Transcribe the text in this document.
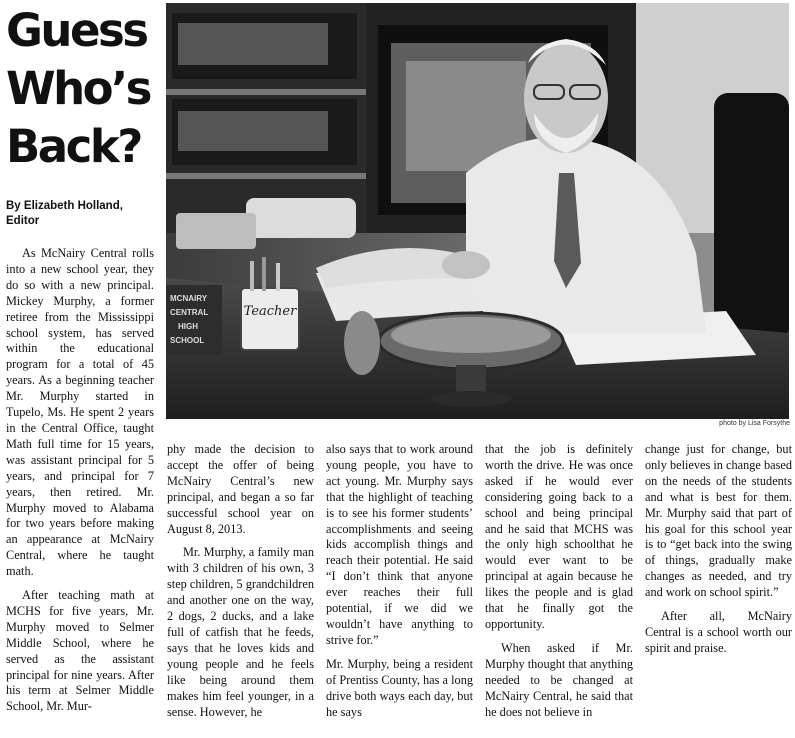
Guess
Who’s
Back?
By Elizabeth Holland,
Editor
Teacher
MCNAIRY
CENTRAL
HIGH
SCHOOL
photo by Lisa Forsythe

As McNairy Central rolls into a new school year, they do so with a new principal. Mickey Murphy, a former retiree from the Mississippi school system, has served within the educational program for a total of 45 years. As a beginning teacher Mr. Murphy started in Tupelo, Ms. He spent 2 years in the Central Office, taught Math full time for 15 years, was assistant principal for 5 years, and principal for 7 years, then retired. Mr. Murphy moved to Alabama for two years before making an appearance at McNairy Central, where he taught math.

After teaching math at MCHS for five years, Mr. Murphy moved to Selmer Middle School, where he served as the assistant principal for nine years. After his term at Selmer Middle School, Mr. Mur-

phy made the decision to accept the offer of being McNairy Central’s new principal, and began a so far successful school year on August 8, 2013.

Mr. Murphy, a family man with 3 children of his own, 3 step children, 5 grandchildren and another one on the way, 2 dogs, 2 ducks, and a lake full of catfish that he feeds, says that he loves kids and young people and he feels like being around them makes him feel younger, in a sense. However, he

also says that to work around young people, you have to act young. Mr. Murphy says that the highlight of teaching is to see his former students’ accomplishments and seeing kids accomplish things and reach their potential. He said “I don’t think that anyone ever reaches their full potential, if we did we wouldn’t have anything to strive for.”

Mr. Murphy, being a resident of Prentiss County, has a long drive both ways each day, but he says

that the job is definitely worth the drive. He was once asked if he would ever considering going back to a school and being principal and he said that MCHS was the only high schoolthat he would ever want to be principal at again because he likes the people and is glad that he finally got the opportunity.

When asked if Mr. Murphy thought that anything needed to be changed at McNairy Central, he said that he does not believe in

change just for change, but only believes in change based on the needs of the students and what is best for them. Mr. Murphy said that part of his goal for this school year is to “get back into the swing of things, gradually make changes as needed, and try and work on school spirit.”

After all, McNairy Central is a school worth our spirit and praise.
